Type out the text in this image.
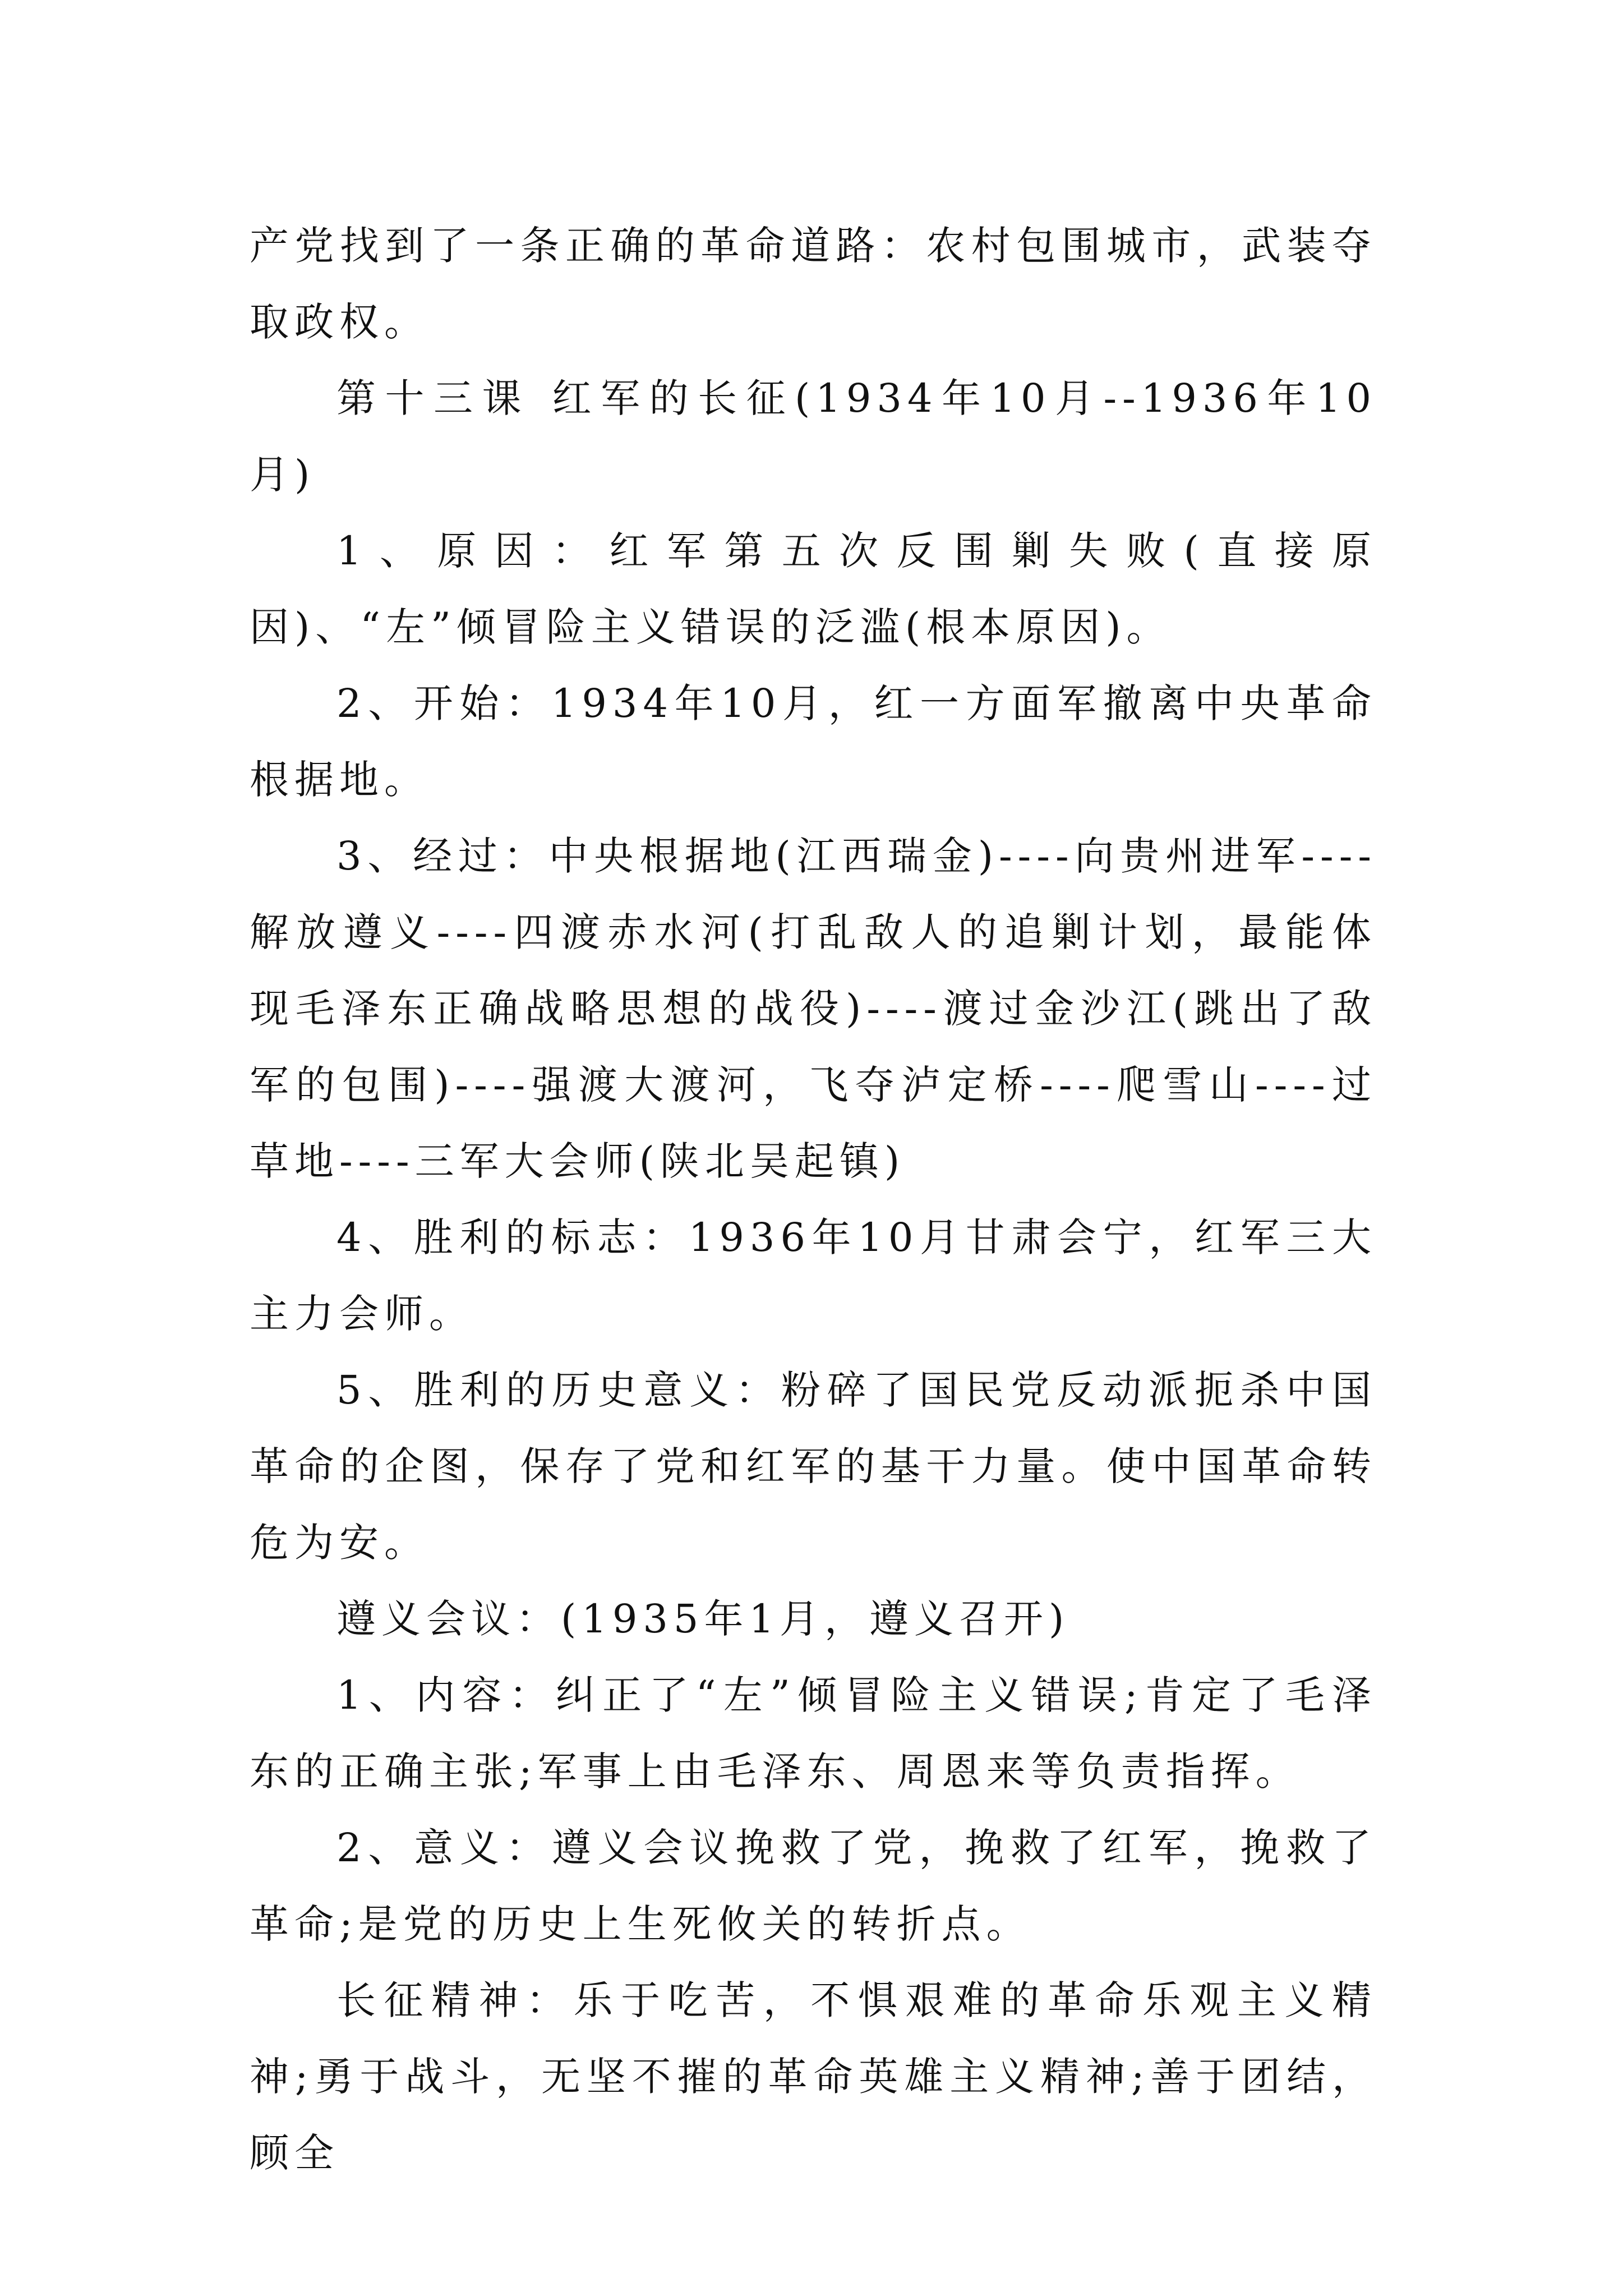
产党找到了一条正确的革命道路：农村包围城市，武装夺取政权。

第十三课 红军的长征(1934年10月--1936年10月)

1、原因：红军第五次反围剿失败(直接原因)、“左”倾冒险主义错误的泛滥(根本原因)。

2、开始：1934年10月，红一方面军撤离中央革命根据地。

3、经过：中央根据地(江西瑞金)----向贵州进军----解放遵义----四渡赤水河(打乱敌人的追剿计划，最能体现毛泽东正确战略思想的战役)----渡过金沙江(跳出了敌军的包围)----强渡大渡河，飞夺泸定桥----爬雪山----过草地----三军大会师(陕北吴起镇)

4、胜利的标志：1936年10月甘肃会宁，红军三大主力会师。

5、胜利的历史意义：粉碎了国民党反动派扼杀中国革命的企图，保存了党和红军的基干力量。使中国革命转危为安。

遵义会议：(1935年1月，遵义召开)

1、内容：纠正了“左”倾冒险主义错误;肯定了毛泽东的正确主张;军事上由毛泽东、周恩来等负责指挥。

2、意义：遵义会议挽救了党，挽救了红军，挽救了革命;是党的历史上生死攸关的转折点。

长征精神：乐于吃苦，不惧艰难的革命乐观主义精神;勇于战斗，无坚不摧的革命英雄主义精神;善于团结，顾全
